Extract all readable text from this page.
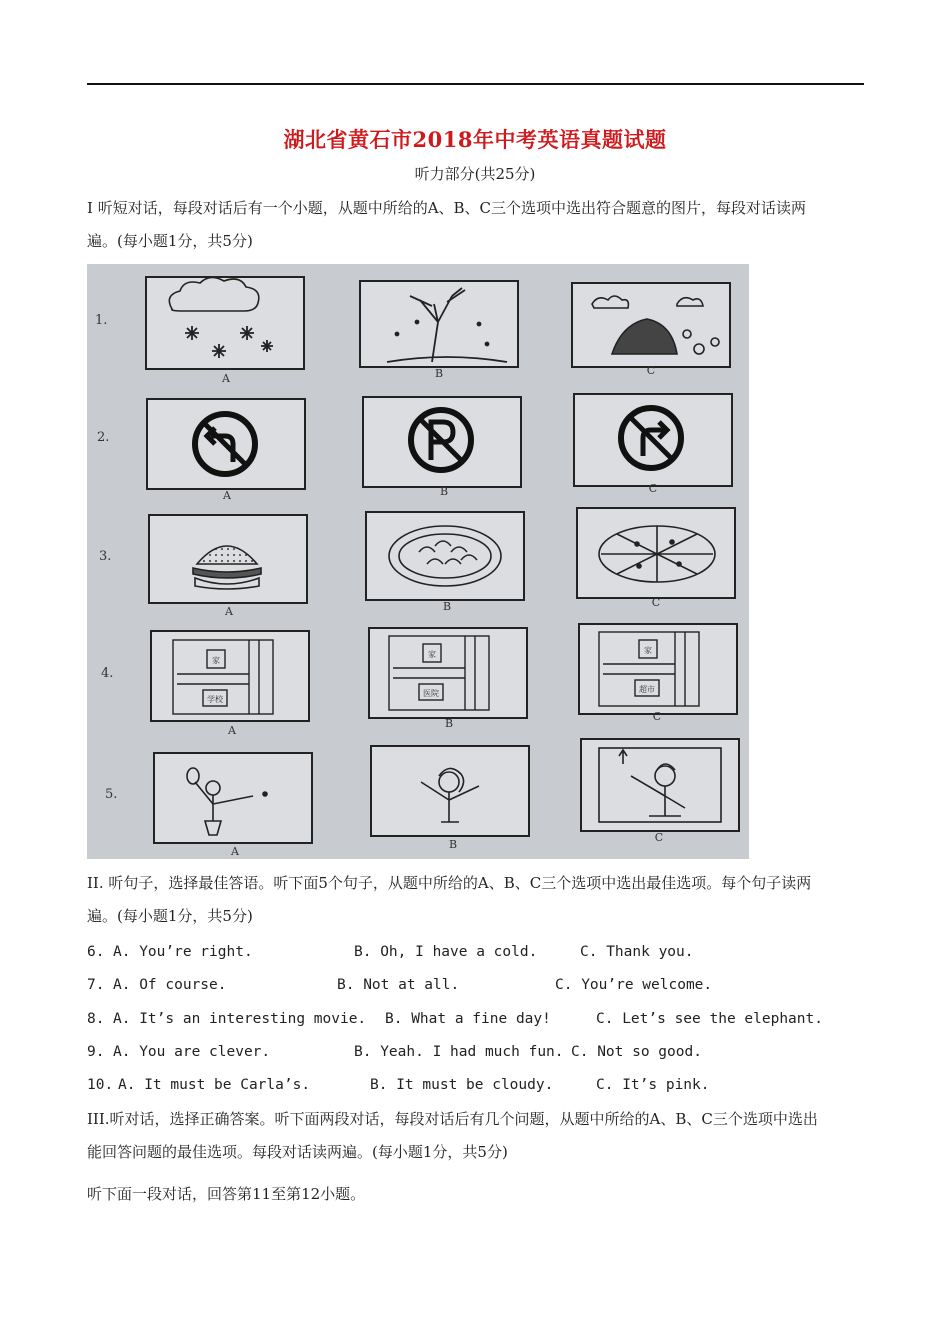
湖北省黄石市2018年中考英语真题试题
听力部分(共25分)
I 听短对话，每段对话后有一个小题，从题中所给的A、B、C三个选项中选出符合题意的图片，每段对话读两
遍。(每小题1分，共5分)
1.
2.
3.
4.
5.
A	B	C
A	B	C
A	B	C
家
学校
家
医院
家
超市
A
B
C
A
B
C
II. 听句子，选择最佳答语。听下面5个句子，从题中所给的A、B、C三个选项中选出最佳选项。每个句子读两
遍。(每小题1分，共5分)
6. A. You’re right.	B. Oh, I have a cold.	C. Thank you.
7. A. Of course.	B. Not at all.	C. You’re welcome.
8. A. It’s an interesting movie. B. What a fine day!	C. Let’s see the elephant.
9. A. You are clever.	B. Yeah. I had much fun. C. Not so good.
10. A. It must be Carla’s.	B. It must be cloudy.	C. It’s pink.
III.听对话，选择正确答案。听下面两段对话，每段对话后有几个问题，从题中所给的A、B、C三个选项中选出
能回答问题的最佳选项。每段对话读两遍。(每小题1分，共5分)
听下面一段对话，回答第11至第12小题。
